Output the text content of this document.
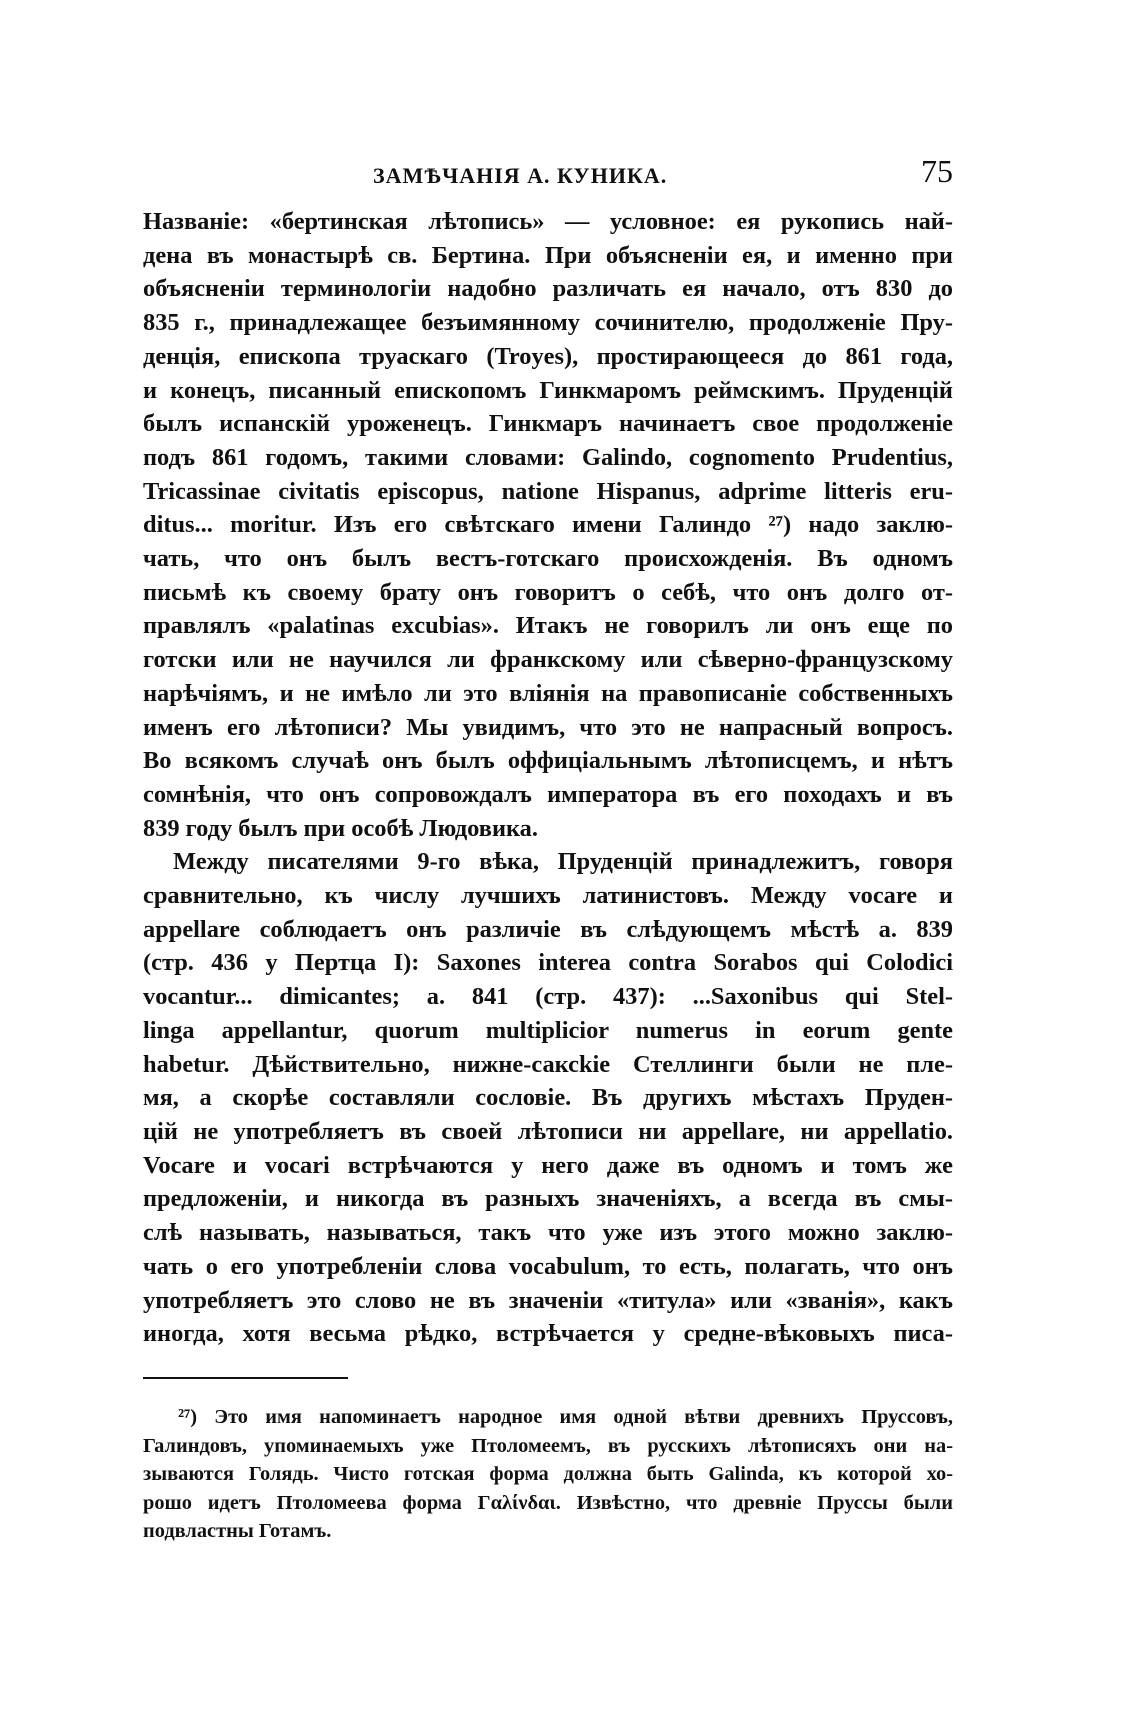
ЗАМѢЧАНІЯ А. КУНИКА.	75

Названіе: «бертинская лѣтопись» — условное: ея рукопись най-
дена въ монастырѣ св. Бертина. При объясненіи ея, и именно при
объясненіи терминологіи надобно различать ея начало, отъ 830 до
835 г., принадлежащее безъимянному сочинителю, продолженіе Пру-
денція, епископа труаскаго (Troyes), простирающееся до 861 года,
и конецъ, писанный епископомъ Гинкмаромъ реймскимъ. Пруденцій
былъ испанскій уроженецъ. Гинкмаръ начинаетъ свое продолженіе
подъ 861 годомъ, такими словами: Galindo, cognomento Prudentius,
Tricassinae civitatis episcopus, natione Hispanus, adprime litteris eru-
ditus... moritur. Изъ его свѣтскаго имени Галиндо ²⁷) надо заклю-
чать, что онъ былъ вестъ-готскаго происхожденія. Въ одномъ
письмѣ къ своему брату онъ говоритъ о себѣ, что онъ долго от-
правлялъ «palatinas excubias». Итакъ не говорилъ ли онъ еще по
готски или не научился ли франкскому или сѣверно-французскому
нарѣчіямъ, и не имѣло ли это вліянія на правописаніе собственныхъ
именъ его лѣтописи? Мы увидимъ, что это не напрасный вопросъ.
Во всякомъ случаѣ онъ былъ оффиціальнымъ лѣтописцемъ, и нѣтъ
сомнѣнія, что онъ сопровождалъ императора въ его походахъ и въ
839 году былъ при особѣ Людовика.

Между писателями 9-го вѣка, Пруденцій принадлежитъ, говоря
сравнительно, къ числу лучшихъ латинистовъ. Между vocare и
appellare соблюдаетъ онъ различіе въ слѣдующемъ мѣстѣ a. 839
(стр. 436 у Пертца I): Saxones interea contra Sorabos qui Colodici
vocantur... dimicantes; a. 841 (стр. 437): ...Saxonibus qui Stel-
linga appellantur, quorum multiplicior numerus in eorum gente
habetur. Дѣйствительно, нижне-саксkie Стеллинги были не пле-
мя, а скорѣе составляли сословіе. Въ другихъ мѣстахъ Пруден-
цій не употребляетъ въ своей лѣтописи ни appellare, ни appellatio.
Vocare и vocari встрѣчаются у него даже въ одномъ и томъ же
предложеніи, и никогда въ разныхъ значеніяхъ, а всегда въ смы-
слѣ называть, называться, такъ что уже изъ этого можно заклю-
чать о его употребленіи слова vocabulum, то есть, полагать, что онъ
употребляетъ это слово не въ значеніи «титула» или «званія», какъ
иногда, хотя весьма рѣдко, встрѣчается у средне-вѣковыхъ писа-

²⁷) Это имя напоминаетъ народное имя одной вѣтви древнихъ Пруссовъ,
Галиндовъ, упоминаемыхъ уже Птоломеемъ, въ русскихъ лѣтописяхъ они на-
зываются Голядь. Чисто готская форма должна быть Galinda, къ которой хо-
рошо идетъ Птоломеева форма Γαλίνδαι. Извѣстно, что древніе Пруссы были
подвластны Готамъ.
